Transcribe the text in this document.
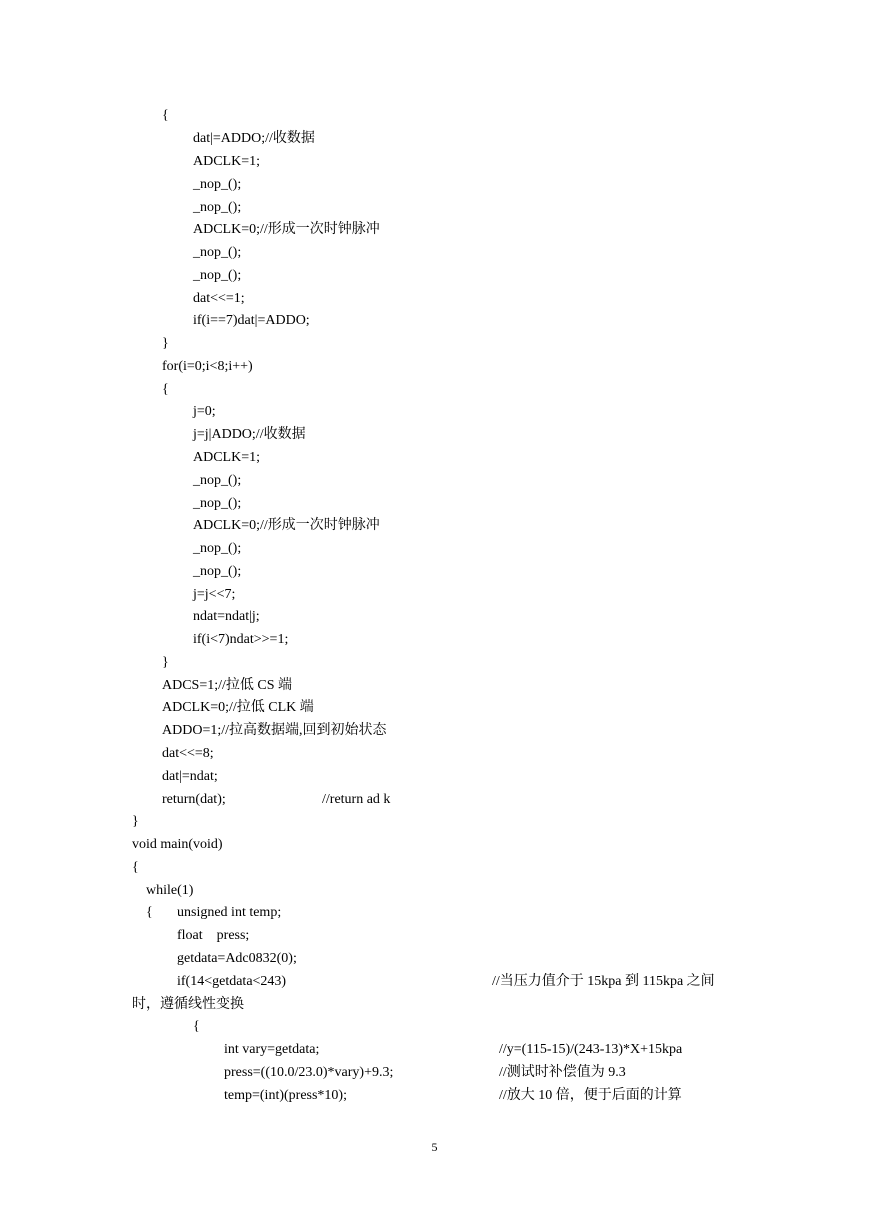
{
dat|=ADDO;//收数据
ADCLK=1;
_nop_();
_nop_();
ADCLK=0;//形成一次时钟脉冲
_nop_();
_nop_();
dat<<=1;
if(i==7)dat|=ADDO;
}
for(i=0;i<8;i++)
{
j=0;
j=j|ADDO;//收数据
ADCLK=1;
_nop_();
_nop_();
ADCLK=0;//形成一次时钟脉冲
_nop_();
_nop_();
j=j<<7;
ndat=ndat|j;
if(i<7)ndat>>=1;
}
ADCS=1;//拉低 CS 端
ADCLK=0;//拉低 CLK 端
ADDO=1;//拉高数据端,回到初始状态
dat<<=8;
dat|=ndat;
return(dat);	//return ad k
}
void main(void)
{
while(1)
{ unsigned int temp;
float    press;
getdata=Adc0832(0);
if(14<getdata<243)	//当压力值介于 15kpa 到 115kpa 之间
时，遵循线性变换
{
int vary=getdata;	//y=(115-15)/(243-13)*X+15kpa
press=((10.0/23.0)*vary)+9.3;	//测试时补偿值为 9.3
temp=(int)(press*10);	//放大 10 倍，便于后面的计算
5
